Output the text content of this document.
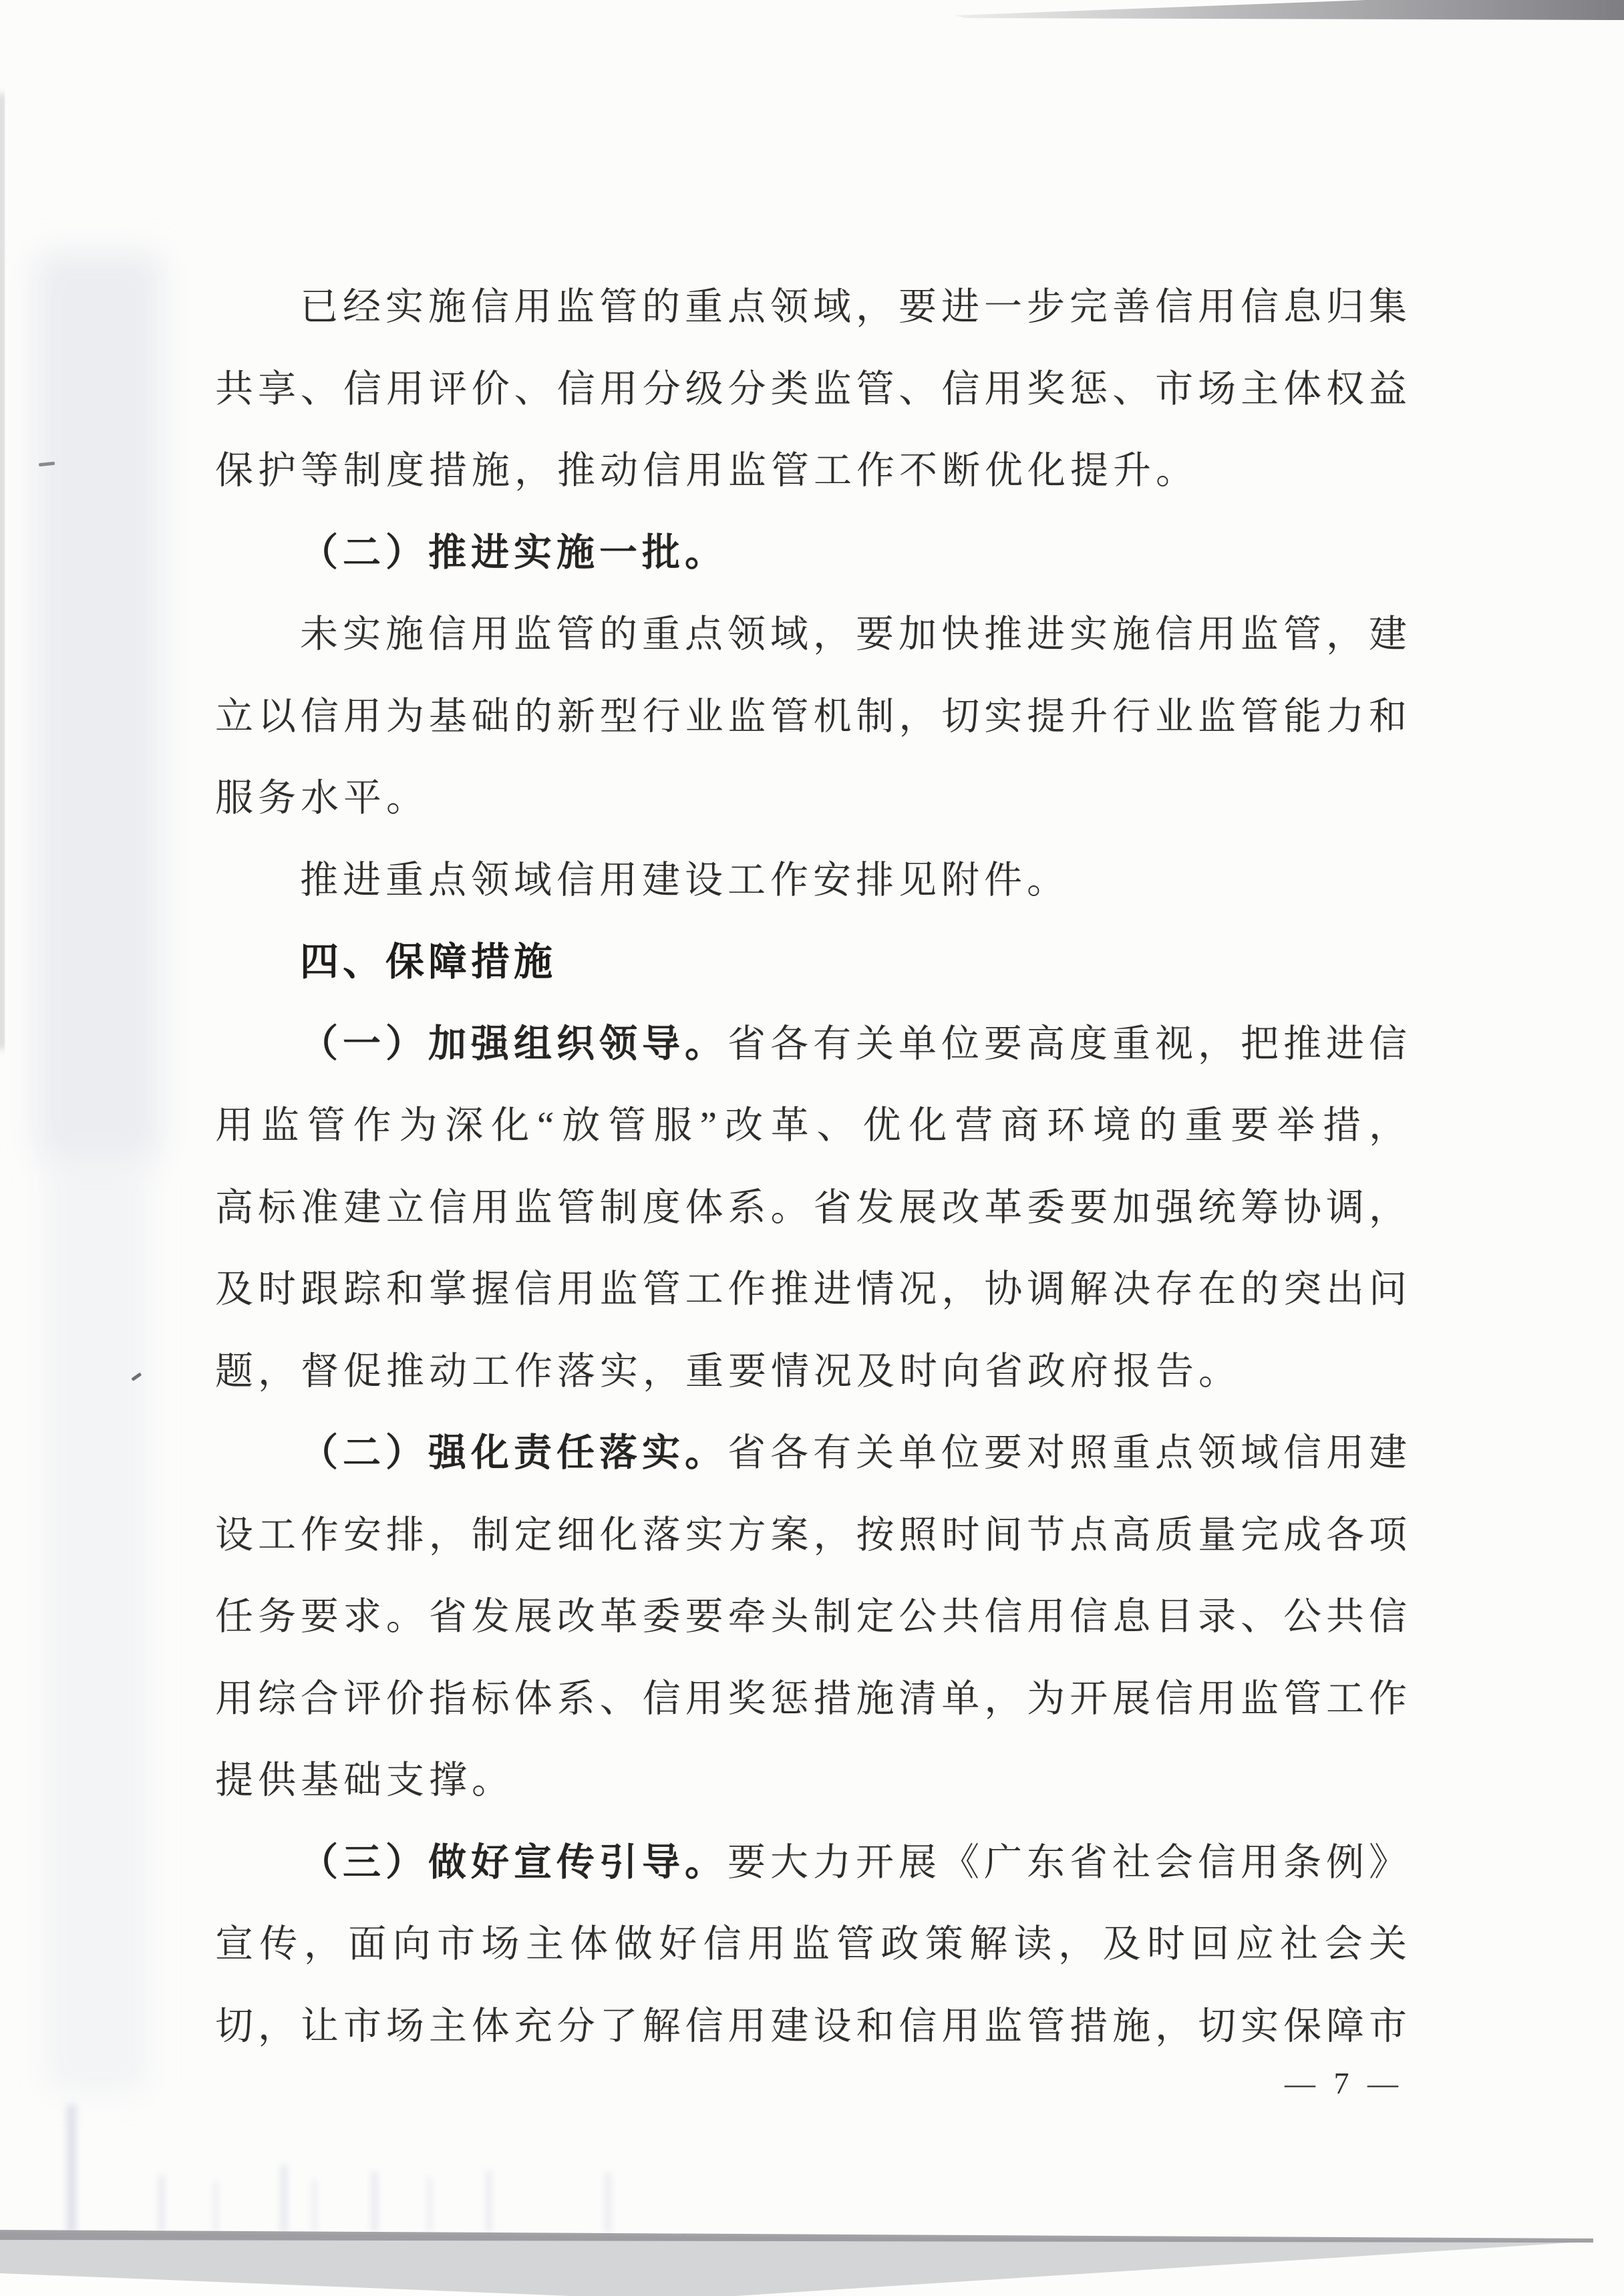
已经实施信用监管的重点领域，要进一步完善信用信息归集
共享、信用评价、信用分级分类监管、信用奖惩、市场主体权益
保护等制度措施，推动信用监管工作不断优化提升。
（二）推进实施一批。
未实施信用监管的重点领域，要加快推进实施信用监管，建
立以信用为基础的新型行业监管机制，切实提升行业监管能力和
服务水平。
推进重点领域信用建设工作安排见附件。
四、保障措施
（一）加强组织领导。省各有关单位要高度重视，把推进信
用监管作为深化“放管服”改革、优化营商环境的重要举措，
高标准建立信用监管制度体系。省发展改革委要加强统筹协调，
及时跟踪和掌握信用监管工作推进情况，协调解决存在的突出问
题，督促推动工作落实，重要情况及时向省政府报告。
（二）强化责任落实。省各有关单位要对照重点领域信用建
设工作安排，制定细化落实方案，按照时间节点高质量完成各项
任务要求。省发展改革委要牵头制定公共信用信息目录、公共信
用综合评价指标体系、信用奖惩措施清单，为开展信用监管工作
提供基础支撑。
（三）做好宣传引导。要大力开展《广东省社会信用条例》
宣传，面向市场主体做好信用监管政策解读，及时回应社会关
切，让市场主体充分了解信用建设和信用监管措施，切实保障市
— 7 —
